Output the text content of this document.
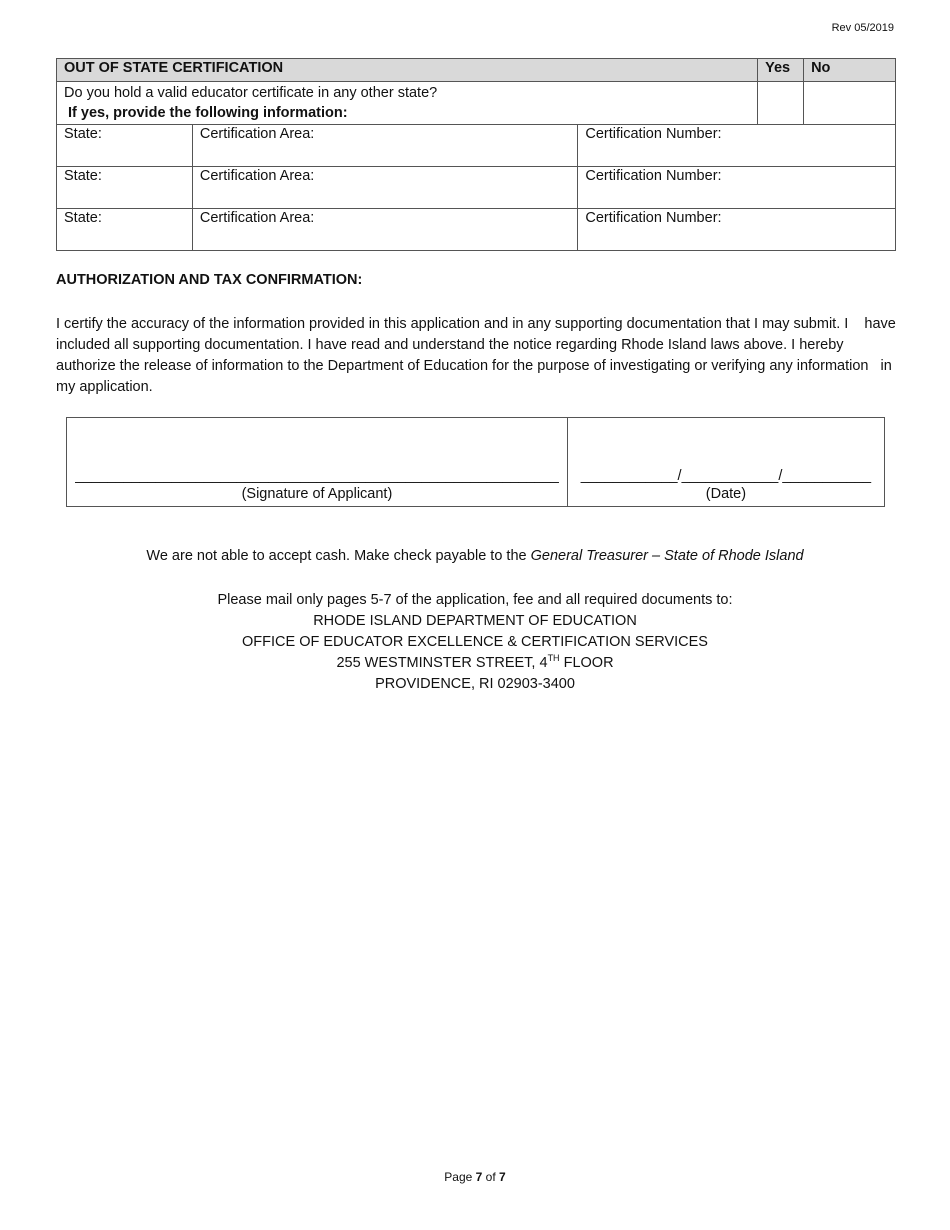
Rev 05/2019
OUT OF STATE CERTIFICATION			Yes	No

Do you hold a valid educator certificate in any other state?
If yes, provide the following information:				

State:	Certification Area:	Certification Number:		
State:	Certification Area:	Certification Number:		
State:	Certification Area:	Certification Number:		
AUTHORIZATION AND TAX CONFIRMATION:

I certify the accuracy of the information provided in this application and in any supporting documentation that I may submit. I    have included all supporting documentation. I have read and understand the notice regarding Rhode Island laws above. I hereby authorize the release of information to the Department of Education for the purpose of investigating or verifying any information   in my application.

____________________________________________________________
(Signature of Applicant)

____________/____________/___________
(Date)
We are not able to accept cash. Make check payable to the General Treasurer – State of Rhode Island
Please mail only pages 5-7 of the application, fee and all required documents to:
RHODE ISLAND DEPARTMENT OF EDUCATION
OFFICE OF EDUCATOR EXCELLENCE & CERTIFICATION SERVICES
255 WESTMINSTER STREET, 4TH FLOOR
PROVIDENCE, RI 02903-3400
Page 7 of 7
